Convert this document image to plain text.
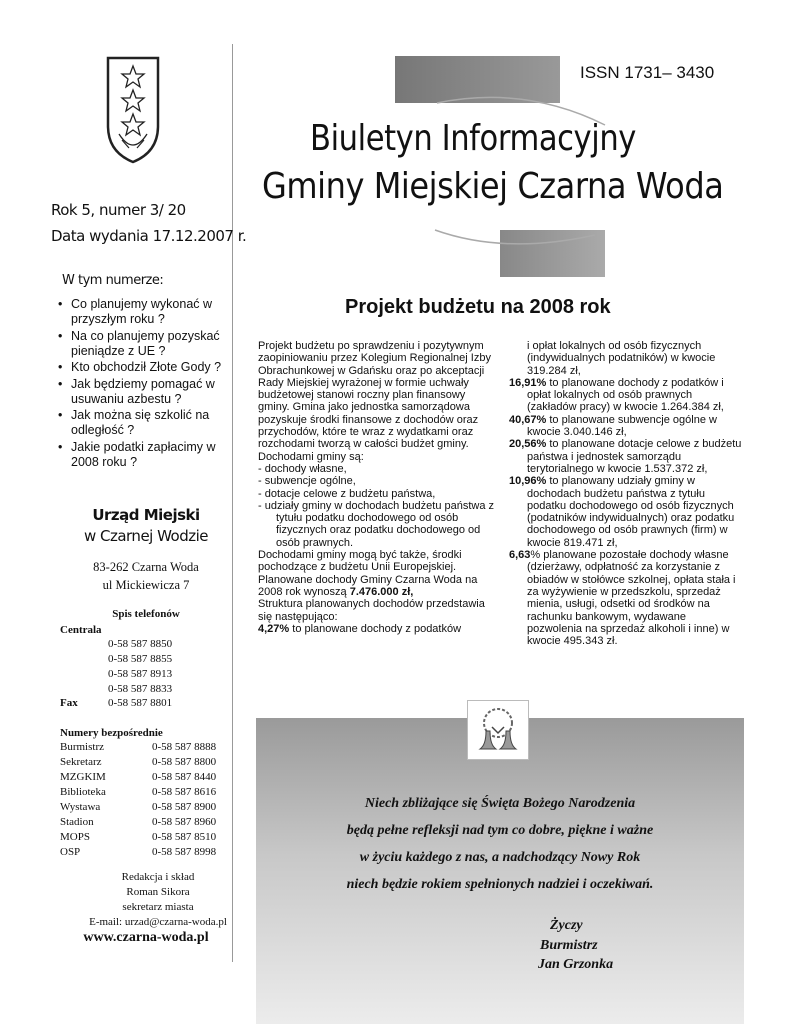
Rok 5, numer 3/ 20
Data wydania 17.12.2007 r.
W tym numerze:
• Co planujemy wykonać w przyszłym roku ?
• Na co planujemy pozyskać pieniądze z UE ?
• Kto obchodził Złote Gody ?
• Jak będziemy pomagać w usuwaniu azbestu ?
• Jak można się szkolić na odległość ?
• Jakie podatki zapłacimy w 2008 roku ?
Urząd Miejski
w Czarnej Wodzie
83-262 Czarna Woda
ul Mickiewicza 7
Spis telefonów
Centrala
0-58 587 8850
0-58 587 8855
0-58 587 8913
0-58 587 8833
Fax	0-58 587 8801
Numery bezpośrednie
Burmistrz	0-58 587 8888
Sekretarz	0-58 587 8800
MZGKIM	0-58 587 8440
Biblioteka	0-58 587 8616
Wystawa	0-58 587 8900
Stadion	0-58 587 8960
MOPS	0-58 587 8510
OSP	0-58 587 8998
Redakcja i skład
Roman Sikora
sekretarz miasta
E-mail: urzad@czarna-woda.pl
www.czarna-woda.pl
ISSN 1731– 3430
Biuletyn Informacyjny
Gminy Miejskiej Czarna Woda
Projekt budżetu na 2008 rok

Projekt budżetu po sprawdzeniu i pozytywnym zaopiniowaniu przez Kolegium Regionalnej Izby Obrachunkowej w Gdańsku oraz po akceptacji Rady Miejskiej wyrażonej w formie uchwały budżetowej stanowi roczny plan finansowy gminy. Gmina jako jednostka samorządowa pozyskuje środki finansowe z dochodów oraz przychodów, które te wraz z wydatkami oraz rozchodami tworzą w całości budżet gminy.

Dochodami gminy są:

- dochody własne,

- subwencje ogólne,

- dotacje celowe z budżetu państwa,

- udziały gminy w dochodach budżetu państwa z tytułu podatku dochodowego od osób fizycznych oraz podatku dochodowego od osób prawnych.

Dochodami gminy mogą być także, środki pochodzące z budżetu Unii Europejskiej.

Planowane dochody Gminy Czarna Woda na 2008 rok wynoszą 7.476.000 zł,

Struktura planowanych dochodów przedstawia się następująco:

4,27% to planowane dochody z podatków

i opłat lokalnych od osób fizycznych (indywidualnych podatników) w kwocie 319.284 zł,

16,91% to planowane dochody z podatków i opłat lokalnych od osób prawnych (zakładów pracy) w kwocie 1.264.384 zł,

40,67% to planowane subwencje ogólne w kwocie 3.040.146 zł,

20,56% to planowane dotacje celowe z budżetu państwa i jednostek samorządu terytorialnego w kwocie 1.537.372 zł,

10,96% to planowany udziały gminy w dochodach budżetu państwa z tytułu podatku dochodowego od osób fizycznych (podatników indywidualnych) oraz podatku dochodowego od osób prawnych (firm) w kwocie 819.471 zł,

6,63% planowane pozostałe dochody własne (dzierżawy, odpłatność za korzystanie z obiadów w stołówce szkolnej, opłata stała i za wyżywienie w przedszkolu, sprzedaż mienia, usługi, odsetki od środków na rachunku bankowym, wydawane pozwolenia na sprzedaż alkoholi i inne) w kwocie 495.343 zł.

Niech zbliżające się Święta Bożego Narodzenia
będą pełne refleksji nad tym co dobre, piękne i ważne
w życiu każdego z nas, a nadchodzący Nowy Rok
niech będzie rokiem spełnionych nadziei i oczekiwań.
Życzy
Burmistrz
Jan Grzonka
